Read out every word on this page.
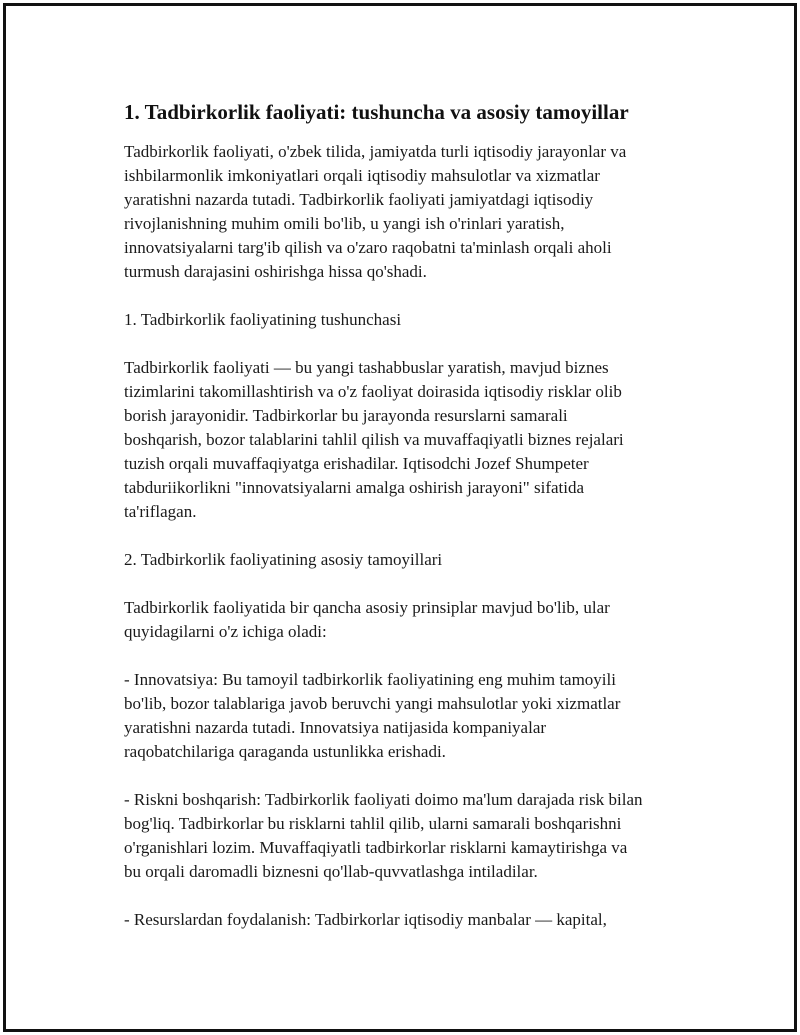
1. Tadbirkorlik faoliyati: tushuncha va asosiy tamoyillar

Tadbirkorlik faoliyati, o'zbek tilida, jamiyatda turli iqtisodiy jarayonlar va
ishbilarmonlik imkoniyatlari orqali iqtisodiy mahsulotlar va xizmatlar
yaratishni nazarda tutadi. Tadbirkorlik faoliyati jamiyatdagi iqtisodiy
rivojlanishning muhim omili bo'lib, u yangi ish o'rinlari yaratish,
innovatsiyalarni targ'ib qilish va o'zaro raqobatni ta'minlash orqali aholi
turmush darajasini oshirishga hissa qo'shadi.

1. Tadbirkorlik faoliyatining tushunchasi

Tadbirkorlik faoliyati — bu yangi tashabbuslar yaratish, mavjud biznes
tizimlarini takomillashtirish va o'z faoliyat doirasida iqtisodiy risklar olib
borish jarayonidir. Tadbirkorlar bu jarayonda resurslarni samarali
boshqarish, bozor talablarini tahlil qilish va muvaffaqiyatli biznes rejalari
tuzish orqali muvaffaqiyatga erishadilar. Iqtisodchi Jozef Shumpeter
tabduriikorlikni "innovatsiyalarni amalga oshirish jarayoni" sifatida
ta'riflagan.

2. Tadbirkorlik faoliyatining asosiy tamoyillari

Tadbirkorlik faoliyatida bir qancha asosiy prinsiplar mavjud bo'lib, ular
quyidagilarni o'z ichiga oladi:

- Innovatsiya: Bu tamoyil tadbirkorlik faoliyatining eng muhim tamoyili
bo'lib, bozor talablariga javob beruvchi yangi mahsulotlar yoki xizmatlar
yaratishni nazarda tutadi. Innovatsiya natijasida kompaniyalar
raqobatchilariga qaraganda ustunlikka erishadi.

- Riskni boshqarish: Tadbirkorlik faoliyati doimo ma'lum darajada risk bilan
bog'liq. Tadbirkorlar bu risklarni tahlil qilib, ularni samarali boshqarishni
o'rganishlari lozim. Muvaffaqiyatli tadbirkorlar risklarni kamaytirishga va
bu orqali daromadli biznesni qo'llab-quvvatlashga intiladilar.

- Resurslardan foydalanish: Tadbirkorlar iqtisodiy manbalar — kapital,
